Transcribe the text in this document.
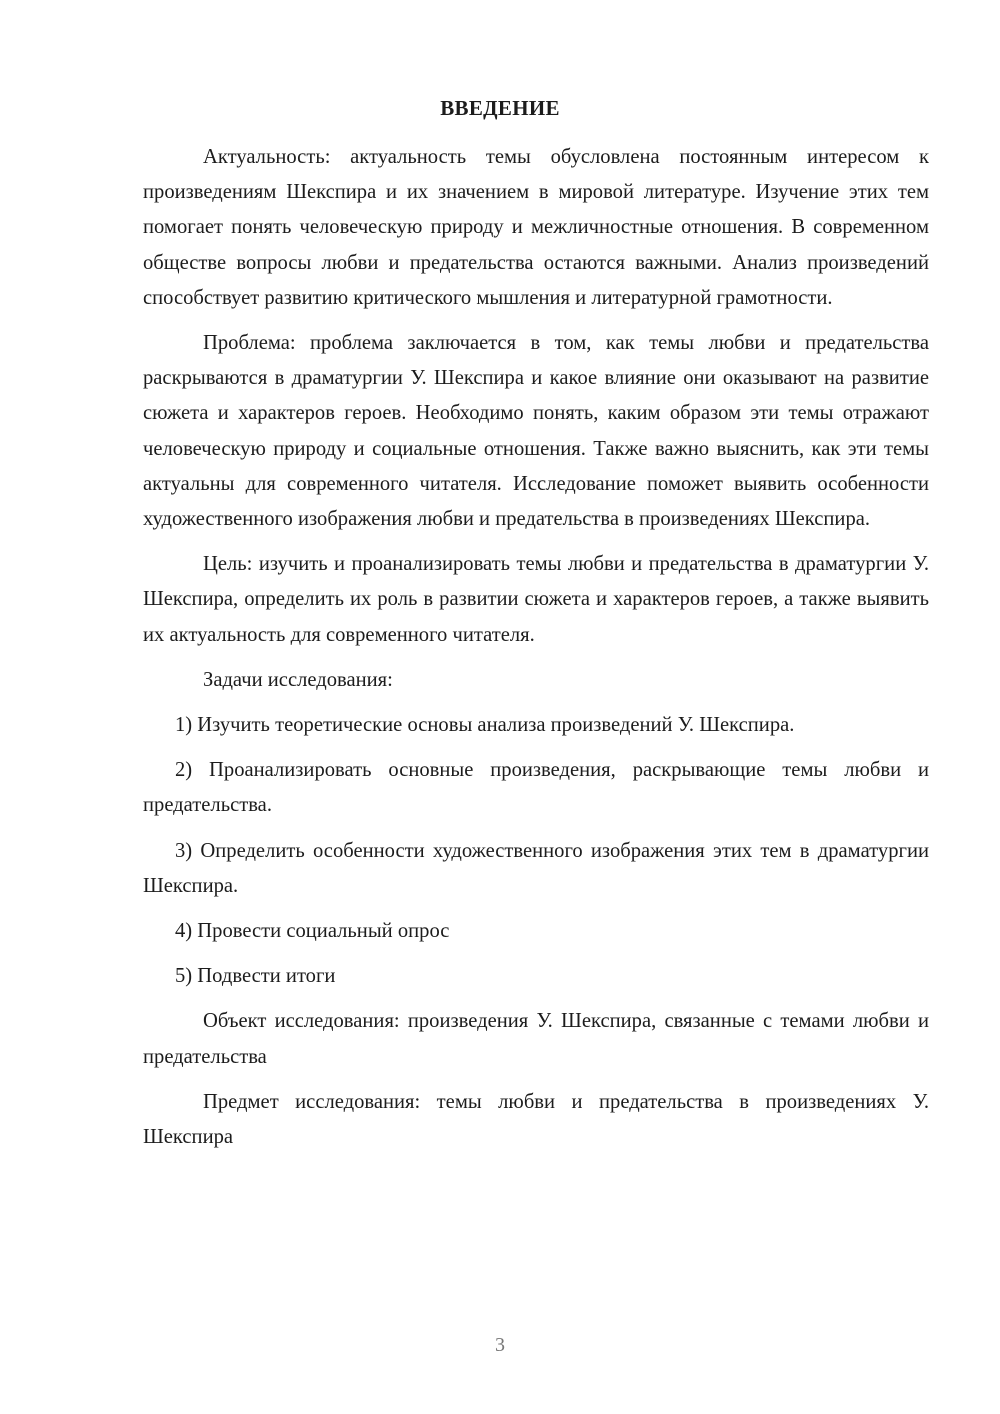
ВВЕДЕНИЕ

Актуальность: актуальность темы обусловлена постоянным интересом к произведениям Шекспира и их значением в мировой литературе. Изучение этих тем помогает понять человеческую природу и межличностные отношения. В современном обществе вопросы любви и предательства остаются важными. Анализ произведений способствует развитию критического мышления и литературной грамотности.

Проблема: проблема заключается в том, как темы любви и предательства раскрываются в драматургии У. Шекспира и какое влияние они оказывают на развитие сюжета и характеров героев. Необходимо понять, каким образом эти темы отражают человеческую природу и социальные отношения. Также важно выяснить, как эти темы актуальны для современного читателя. Исследование поможет выявить особенности художественного изображения любви и предательства в произведениях Шекспира.

Цель: изучить и проанализировать темы любви и предательства в драматургии У. Шекспира, определить их роль в развитии сюжета и характеров героев, а также выявить их актуальность для современного читателя.

Задачи исследования:

1) Изучить теоретические основы анализа произведений У. Шекспира.

2) Проанализировать основные произведения, раскрывающие темы любви и предательства.

3) Определить особенности художественного изображения этих тем в драматургии Шекспира.

4) Провести социальный опрос

5) Подвести итоги

Объект исследования: произведения У. Шекспира, связанные с темами любви и предательства

Предмет исследования: темы любви и предательства в произведениях У. Шекспира

3
